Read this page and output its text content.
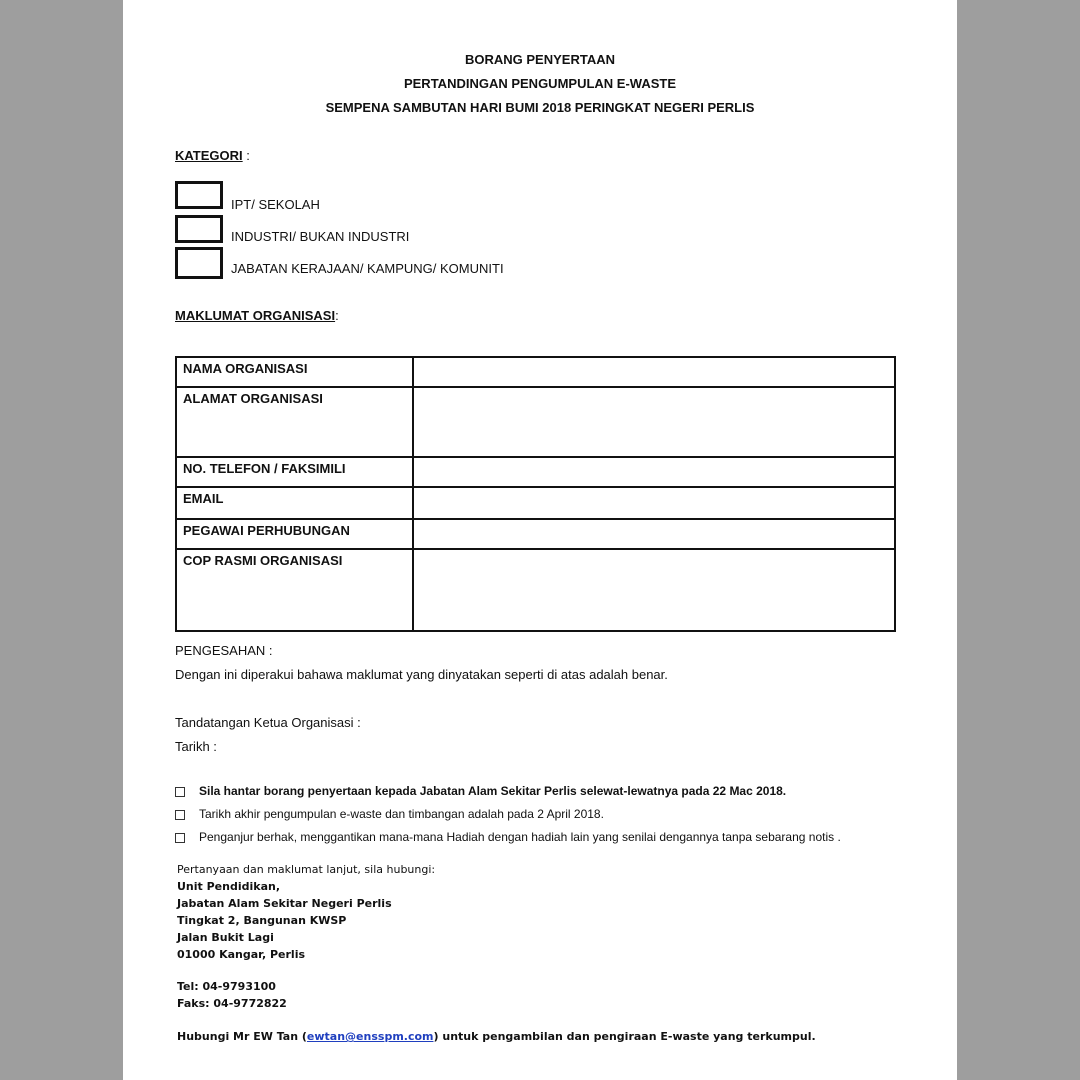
BORANG PENYERTAAN
PERTANDINGAN PENGUMPULAN E-WASTE
SEMPENA SAMBUTAN HARI BUMI 2018 PERINGKAT NEGERI PERLIS
KATEGORI :
IPT/ SEKOLAH
INDUSTRI/ BUKAN INDUSTRI
JABATAN KERAJAAN/ KAMPUNG/ KOMUNITI
MAKLUMAT ORGANISASI:
NAMA ORGANISASI	
ALAMAT ORGANISASI	
NO. TELEFON / FAKSIMILI	
EMAIL	
PEGAWAI PERHUBUNGAN	
COP RASMI ORGANISASI	
PENGESAHAN :
Dengan ini diperakui bahawa maklumat yang dinyatakan seperti di atas adalah benar.
Tandatangan Ketua Organisasi :
Tarikh :
Sila hantar borang penyertaan kepada Jabatan Alam Sekitar Perlis selewat-lewatnya pada 22 Mac 2018.
Tarikh akhir pengumpulan e-waste dan timbangan adalah pada 2 April 2018.
Penganjur berhak, menggantikan mana-mana Hadiah dengan hadiah lain yang senilai dengannya tanpa sebarang notis .
Pertanyaan dan maklumat lanjut, sila hubungi:
Unit Pendidikan,
Jabatan Alam Sekitar Negeri Perlis
Tingkat 2, Bangunan KWSP
Jalan Bukit Lagi
01000 Kangar, Perlis
Tel: 04-9793100
Faks: 04-9772822
Hubungi Mr EW Tan (ewtan@ensspm.com) untuk pengambilan dan pengiraan E-waste yang terkumpul.
